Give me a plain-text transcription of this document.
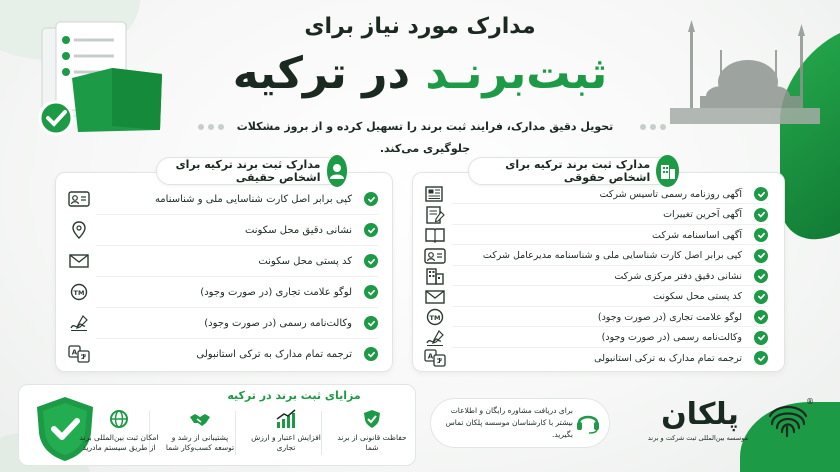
مدارک مورد نیاز برای
ثبت‌برنـد در ترکیه
تحویل دقیق مدارک، فرایند ثبت برند را تسهیل کرده و از بروز مشکلات جلوگیری می‌کند.
مدارک ثبت برند ترکیه برای اشخاص حقیقی
مدارک ثبت برند ترکیه برای اشخاص حقوقی
کپی برابر اصل کارت شناسایی ملی و شناسنامه
نشانی دقیق محل سکونت
کد پستی محل سکونت
لوگو علامت تجاری (در صورت وجود)
TM
وکالت‌نامه رسمی (در صورت وجود)
ترجمه تمام مدارک به ترکی استانبولی
A
آگهی روزنامه رسمی تاسیس شرکت
آگهی آخرین تغییرات
آگهی اساسنامه شرکت
کپی برابر اصل کارت شناسایی ملی و شناسنامه مدیرعامل شرکت
نشانی دقیق دفتر مرکزی شرکت
کد پستی محل سکونت
لوگو علامت تجاری (در صورت وجود)
TM
وکالت‌نامه رسمی (در صورت وجود)
ترجمه تمام مدارک به ترکی استانبولی
A
مزایای ثبت برند در ترکیه
حفاظت قانونی از برند شما
افزایش اعتبار و ارزش تجاری
پشتیبانی از رشد و توسعه کسب‌وکار شما
امکان ثبت بین‌المللی برند از طریق سیستم مادرید
برای دریافت مشاوره رایگان و اطلاعات بیشتر با کارشناسان موسسه پلکان تماس بگیرید.
پلکان
موسسه بین‌المللی ثبت شرکت و برند
®
